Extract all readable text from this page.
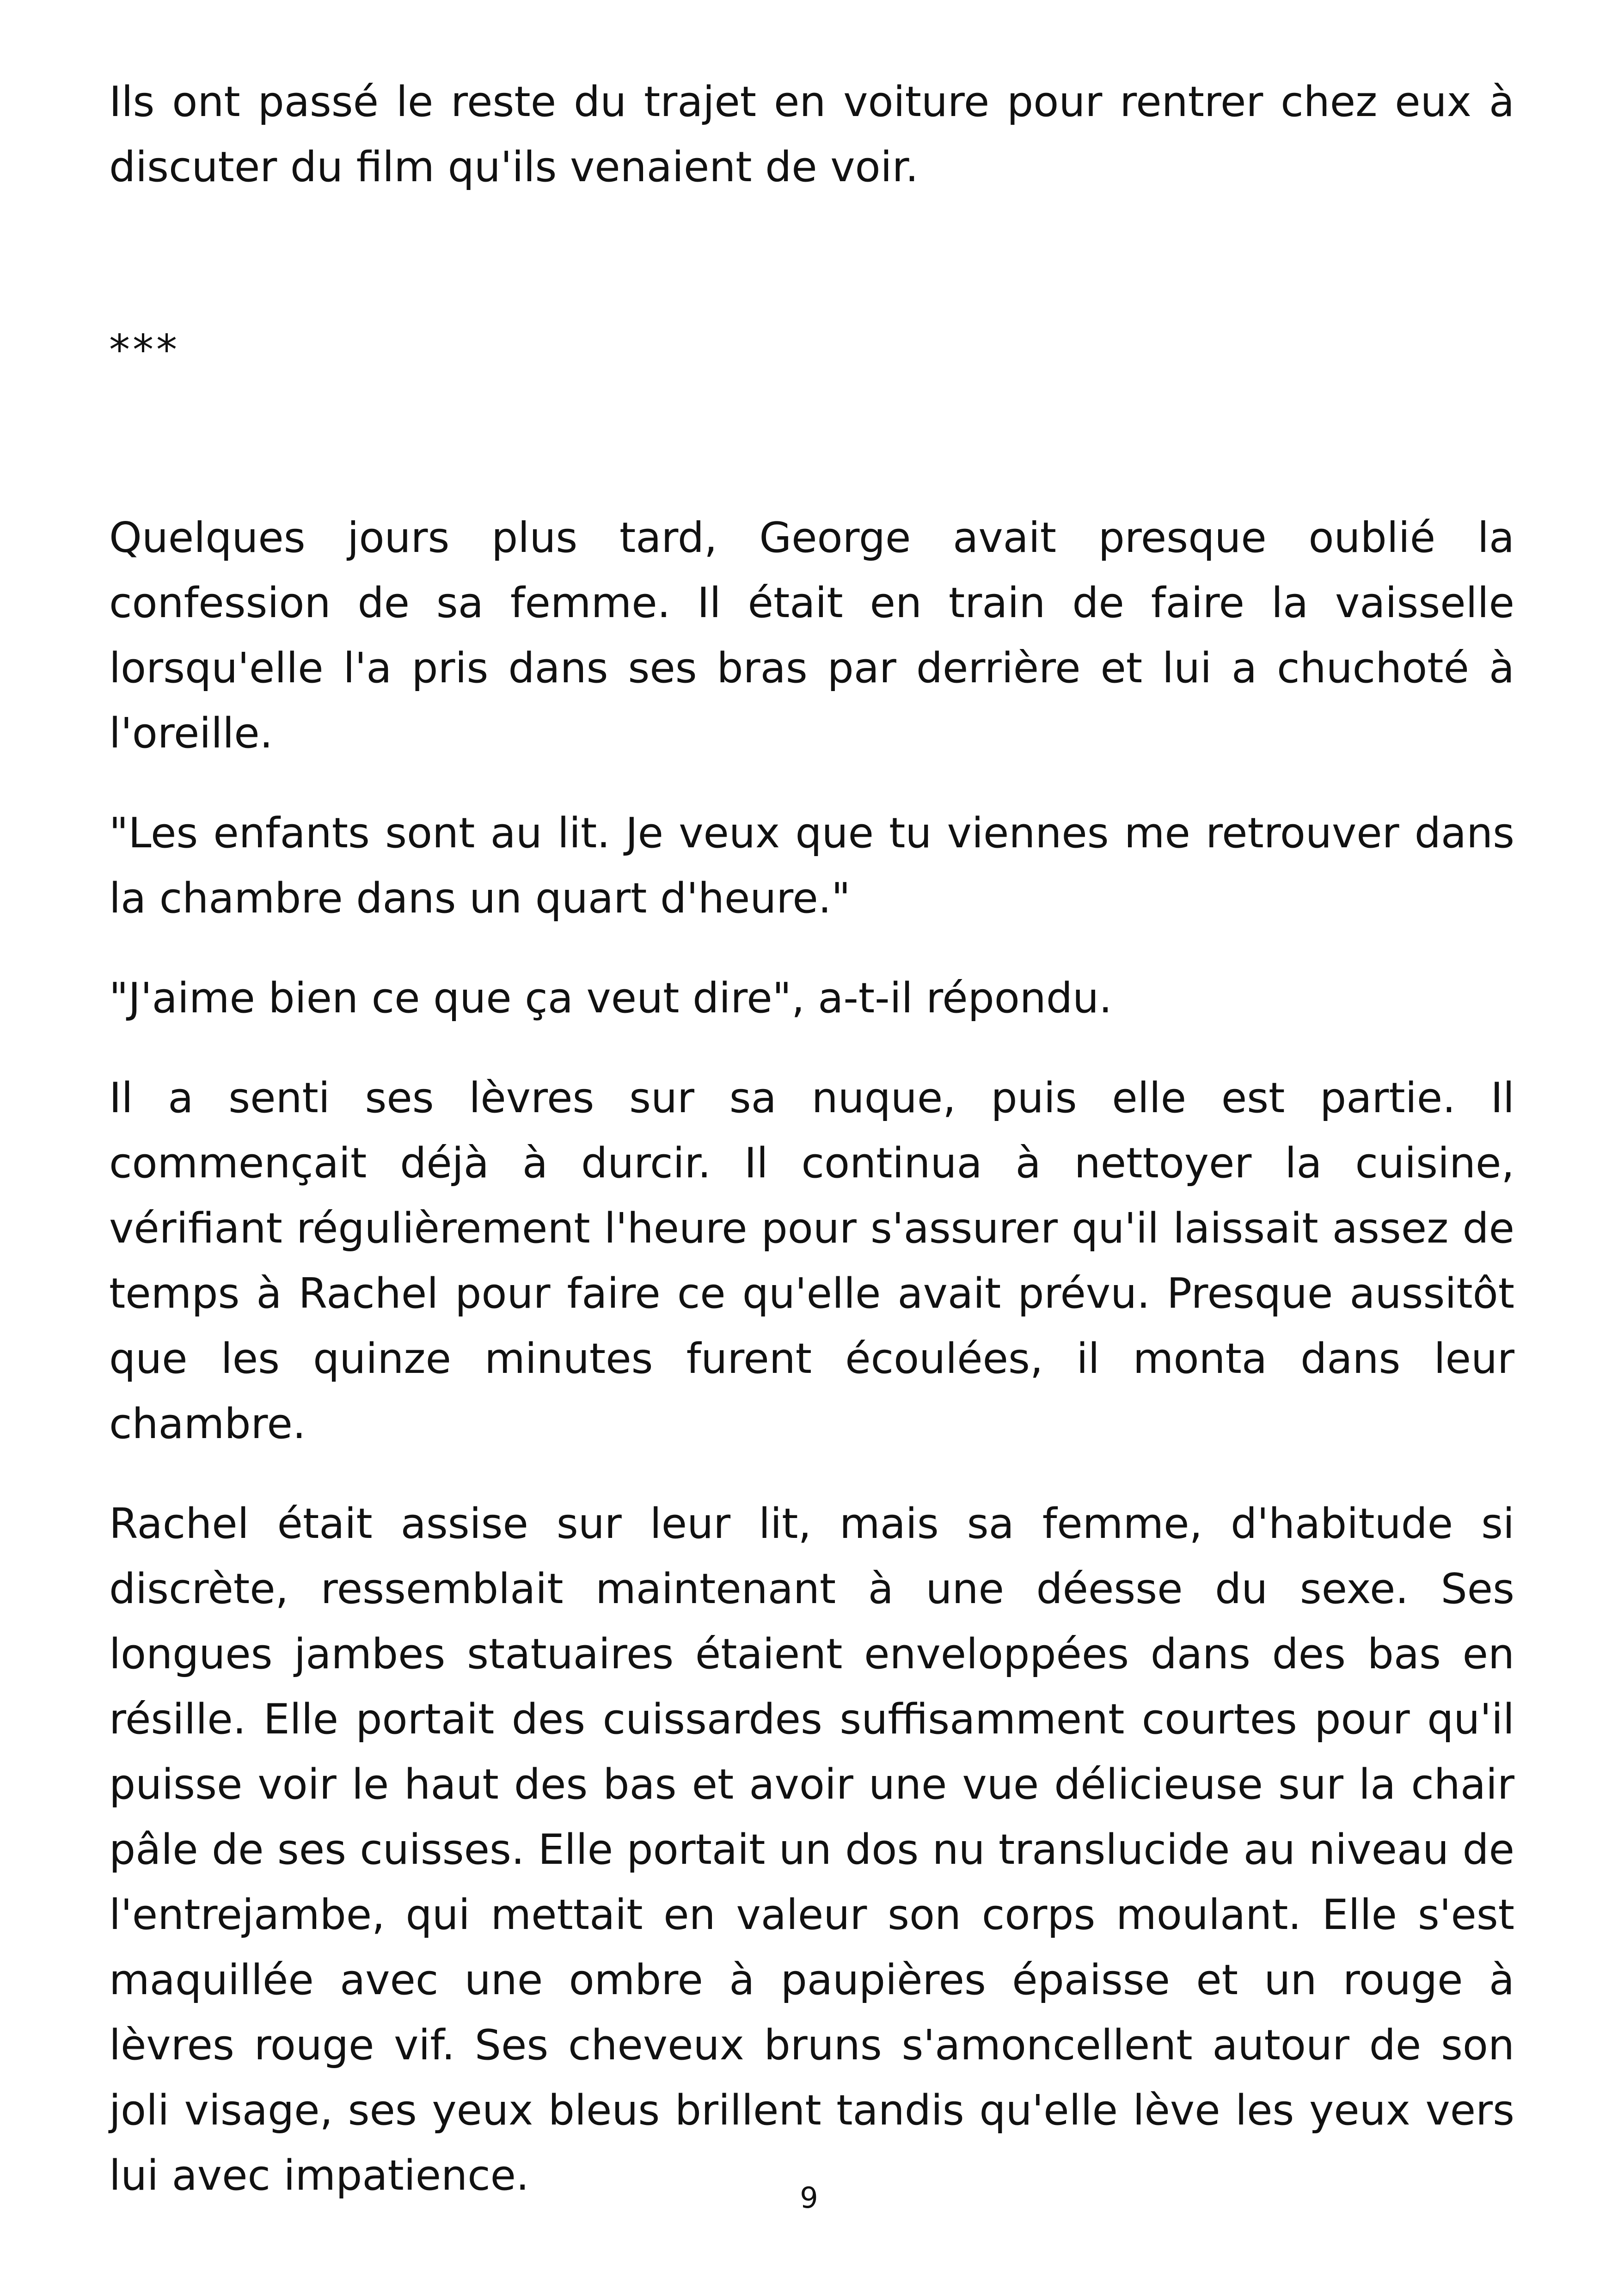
Ils ont passé le reste du trajet en voiture pour rentrer chez eux à discuter du film qu'ils venaient de voir.

***

Quelques jours plus tard, George avait presque oublié la confession de sa femme. Il était en train de faire la vaisselle lorsqu'elle l'a pris dans ses bras par derrière et lui a chuchoté à l'oreille.

"Les enfants sont au lit. Je veux que tu viennes me retrouver dans la chambre dans un quart d'heure."

"J'aime bien ce que ça veut dire", a-t-il répondu.

Il a senti ses lèvres sur sa nuque, puis elle est partie. Il commençait déjà à durcir. Il continua à nettoyer la cuisine, vérifiant régulièrement l'heure pour s'assurer qu'il laissait assez de temps à Rachel pour faire ce qu'elle avait prévu. Presque aussitôt que les quinze minutes furent écoulées, il monta dans leur chambre.

Rachel était assise sur leur lit, mais sa femme, d'habitude si discrète, ressemblait maintenant à une déesse du sexe. Ses longues jambes statuaires étaient enveloppées dans des bas en résille. Elle portait des cuissardes suffisamment courtes pour qu'il puisse voir le haut des bas et avoir une vue délicieuse sur la chair pâle de ses cuisses. Elle portait un dos nu translucide au niveau de l'entrejambe, qui mettait en valeur son corps moulant. Elle s'est maquillée avec une ombre à paupières épaisse et un rouge à lèvres rouge vif. Ses cheveux bruns s'amoncellent autour de son joli visage, ses yeux bleus brillent tandis qu'elle lève les yeux vers lui avec impatience.	9
